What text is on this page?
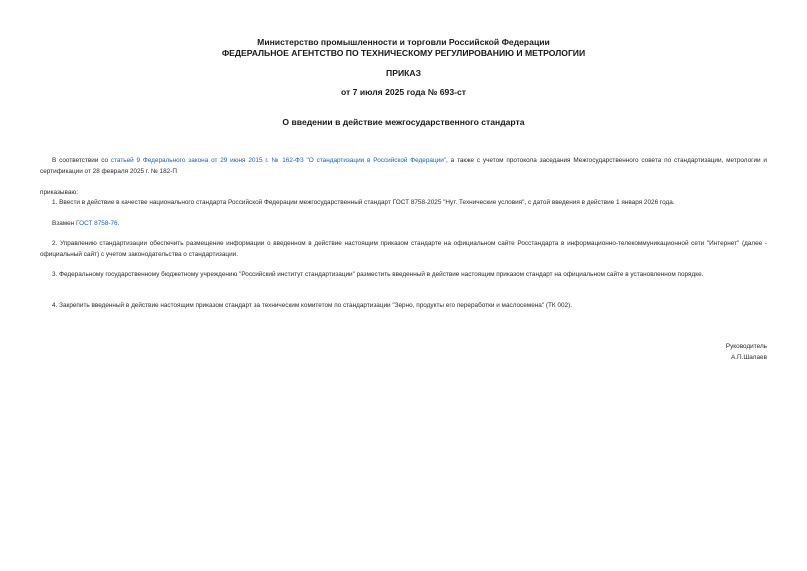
Министерство промышленности и торговли Российской Федерации
ФЕДЕРАЛЬНОЕ АГЕНТСТВО ПО ТЕХНИЧЕСКОМУ РЕГУЛИРОВАНИЮ И МЕТРОЛОГИИ
ПРИКАЗ
от 7 июля 2025 года № 693-ст
О введении в действие межгосударственного стандарта
В соответствии со статьей 9 Федерального закона от 29 июня 2015 г. № 162-ФЗ "О стандартизации в Российской Федерации", а также с учетом протокола заседания Межгосударственного совета по стандартизации, метрологии и сертификации от 28 февраля 2025 г. № 182-П
приказываю:
1. Ввести в действие в качестве национального стандарта Российской Федерации межгосударственный стандарт ГОСТ 8758-2025 "Нут. Технические условия", с датой введения в действие 1 января 2026 года.
Взамен ГОСТ 8758-76.
2. Управлению стандартизации обеспечить размещение информации о введенном в действие настоящим приказом стандарте на официальном сайте Росстандарта в информационно-телекоммуникационной сети "Интернет" (далее - официальный сайт) с учетом законодательства о стандартизации.
3. Федеральному государственному бюджетному учреждению "Российский институт стандартизации" разместить введенный в действие настоящим приказом стандарт на официальном сайте в установленном порядке.
4. Закрепить введенный в действие настоящим приказом стандарт за техническим комитетом по стандартизации "Зерно, продукты его переработки и маслосемена" (ТК 002).
Руководитель
А.П.Шалаев
